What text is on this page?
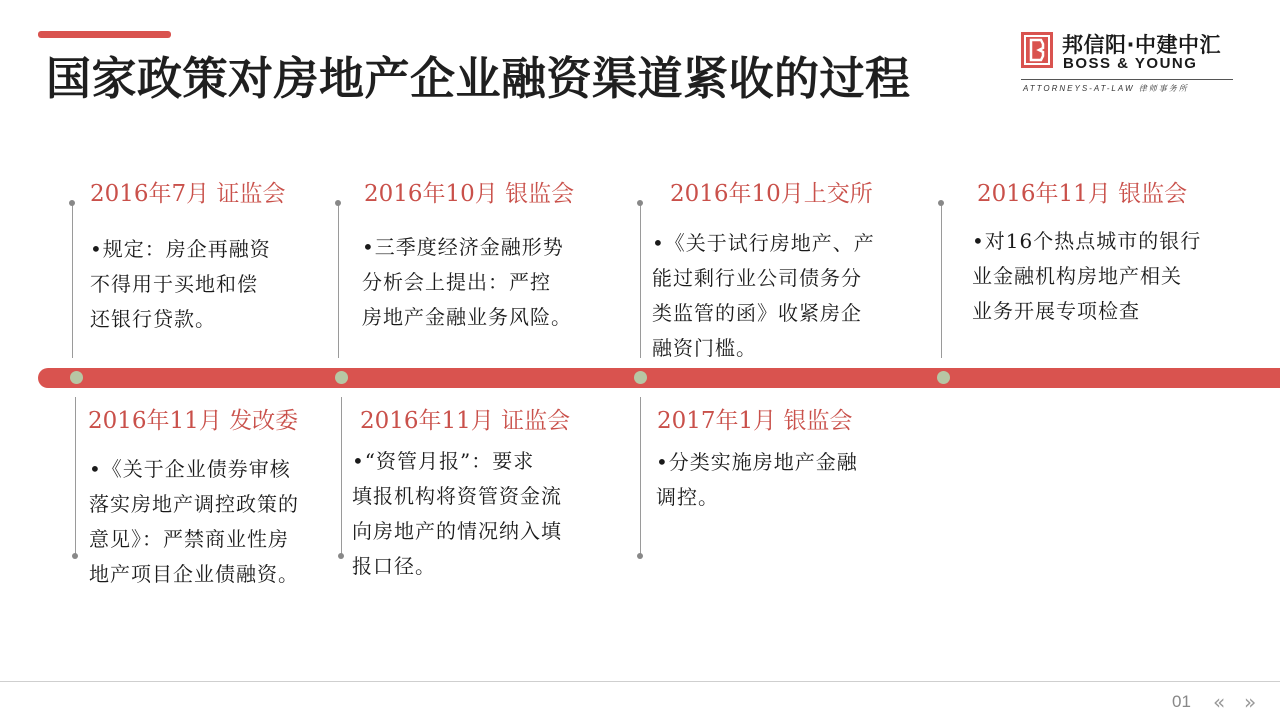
国家政策对房地产企业融资渠道紧收的过程
邦信阳·中建中汇
BOSS & YOUNG
ATTORNEYS-AT-LAW 律师事务所
2016年7月 证监会
•规定：房企再融资
不得用于买地和偿
还银行贷款。
2016年10月 银监会
•三季度经济金融形势
分析会上提出：严控
房地产金融业务风险。
2016年10月上交所
•《关于试行房地产、产
能过剩行业公司债务分
类监管的函》收紧房企
融资门槛。
2016年11月 银监会
•对16个热点城市的银行
业金融机构房地产相关
业务开展专项检查
2016年11月 发改委
•《关于企业债券审核
落实房地产调控政策的
意见》：严禁商业性房
地产项目企业债融资。
2016年11月 证监会
•“资管月报”：要求
填报机构将资管资金流
向房地产的情况纳入填
报口径。
2017年1月 银监会
•分类实施房地产金融
调控。
01 « »
